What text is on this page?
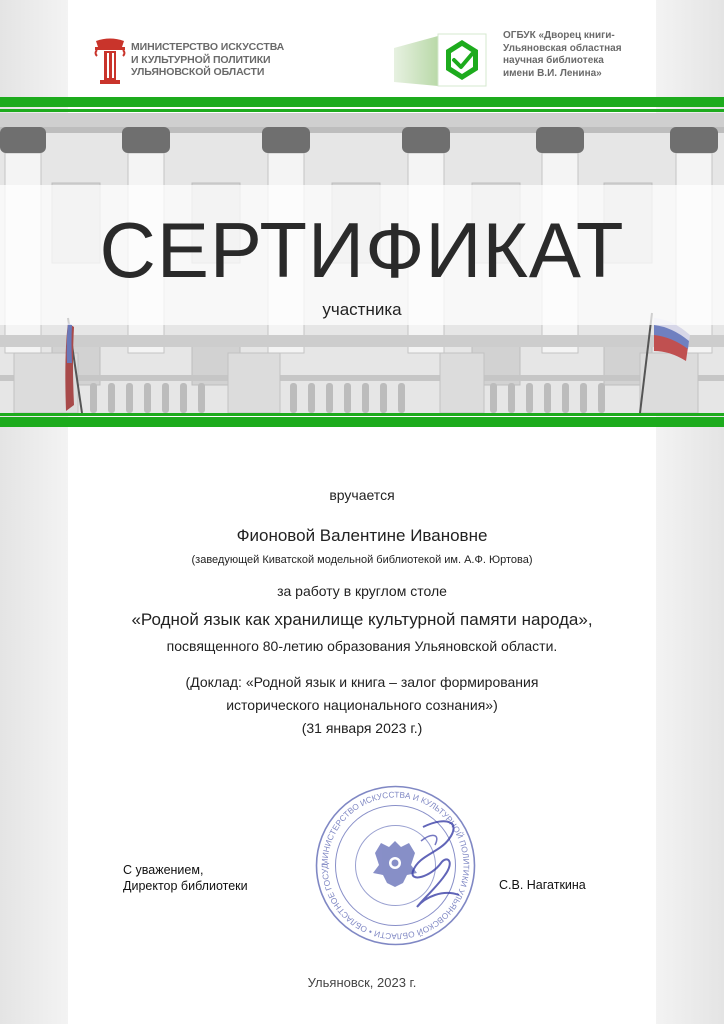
МИНИСТЕРСТВО ИСКУССТВА
И КУЛЬТУРНОЙ ПОЛИТИКИ
УЛЬЯНОВСКОЙ ОБЛАСТИ
ОГБУК «Дворец книги-
Ульяновская областная
научная библиотека
имени В.И. Ленина»
СЕРТИФИКАТ
участника
вручается
Фионовой Валентине Ивановне
(заведующей Киватской модельной библиотекой им. А.Ф. Юртова)
за работу в круглом столе
«Родной язык как хранилище культурной памяти народа»,
посвященного 80-летию образования Ульяновской области.
(Доклад: «Родной язык и книга – залог формирования
исторического национального сознания»)
(31 января 2023 г.)
МИНИСТЕРСТВО ИСКУССТВА И КУЛЬТУРНОЙ ПОЛИТИКИ УЛЬЯНОВСКОЙ ОБЛАСТИ • ОБЛАСТНОЕ ГОСУД
С уважением,
Директор библиотеки	С.В. Нагаткина
Ульяновск, 2023 г.
